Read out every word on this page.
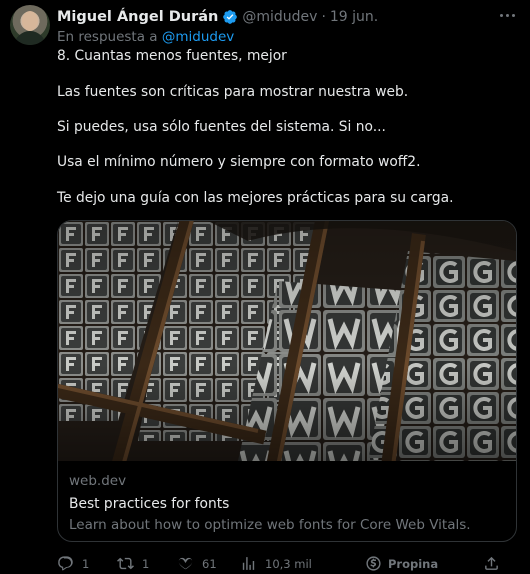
Miguel Ángel Durán @midudev · 19 jun.
En respuesta a @midudev

8. Cuantas menos fuentes, mejor

Las fuentes son críticas para mostrar nuestra web.

Si puedes, usa sólo fuentes del sistema. Si no...

Usa el mínimo número y siempre con formato woff2.

Te dejo una guía con las mejores prácticas para su carga.

web.dev
Best practices for fonts
Learn about how to optimize web fonts for Core Web Vitals.
1	1	61	10,3 mil	Propina
